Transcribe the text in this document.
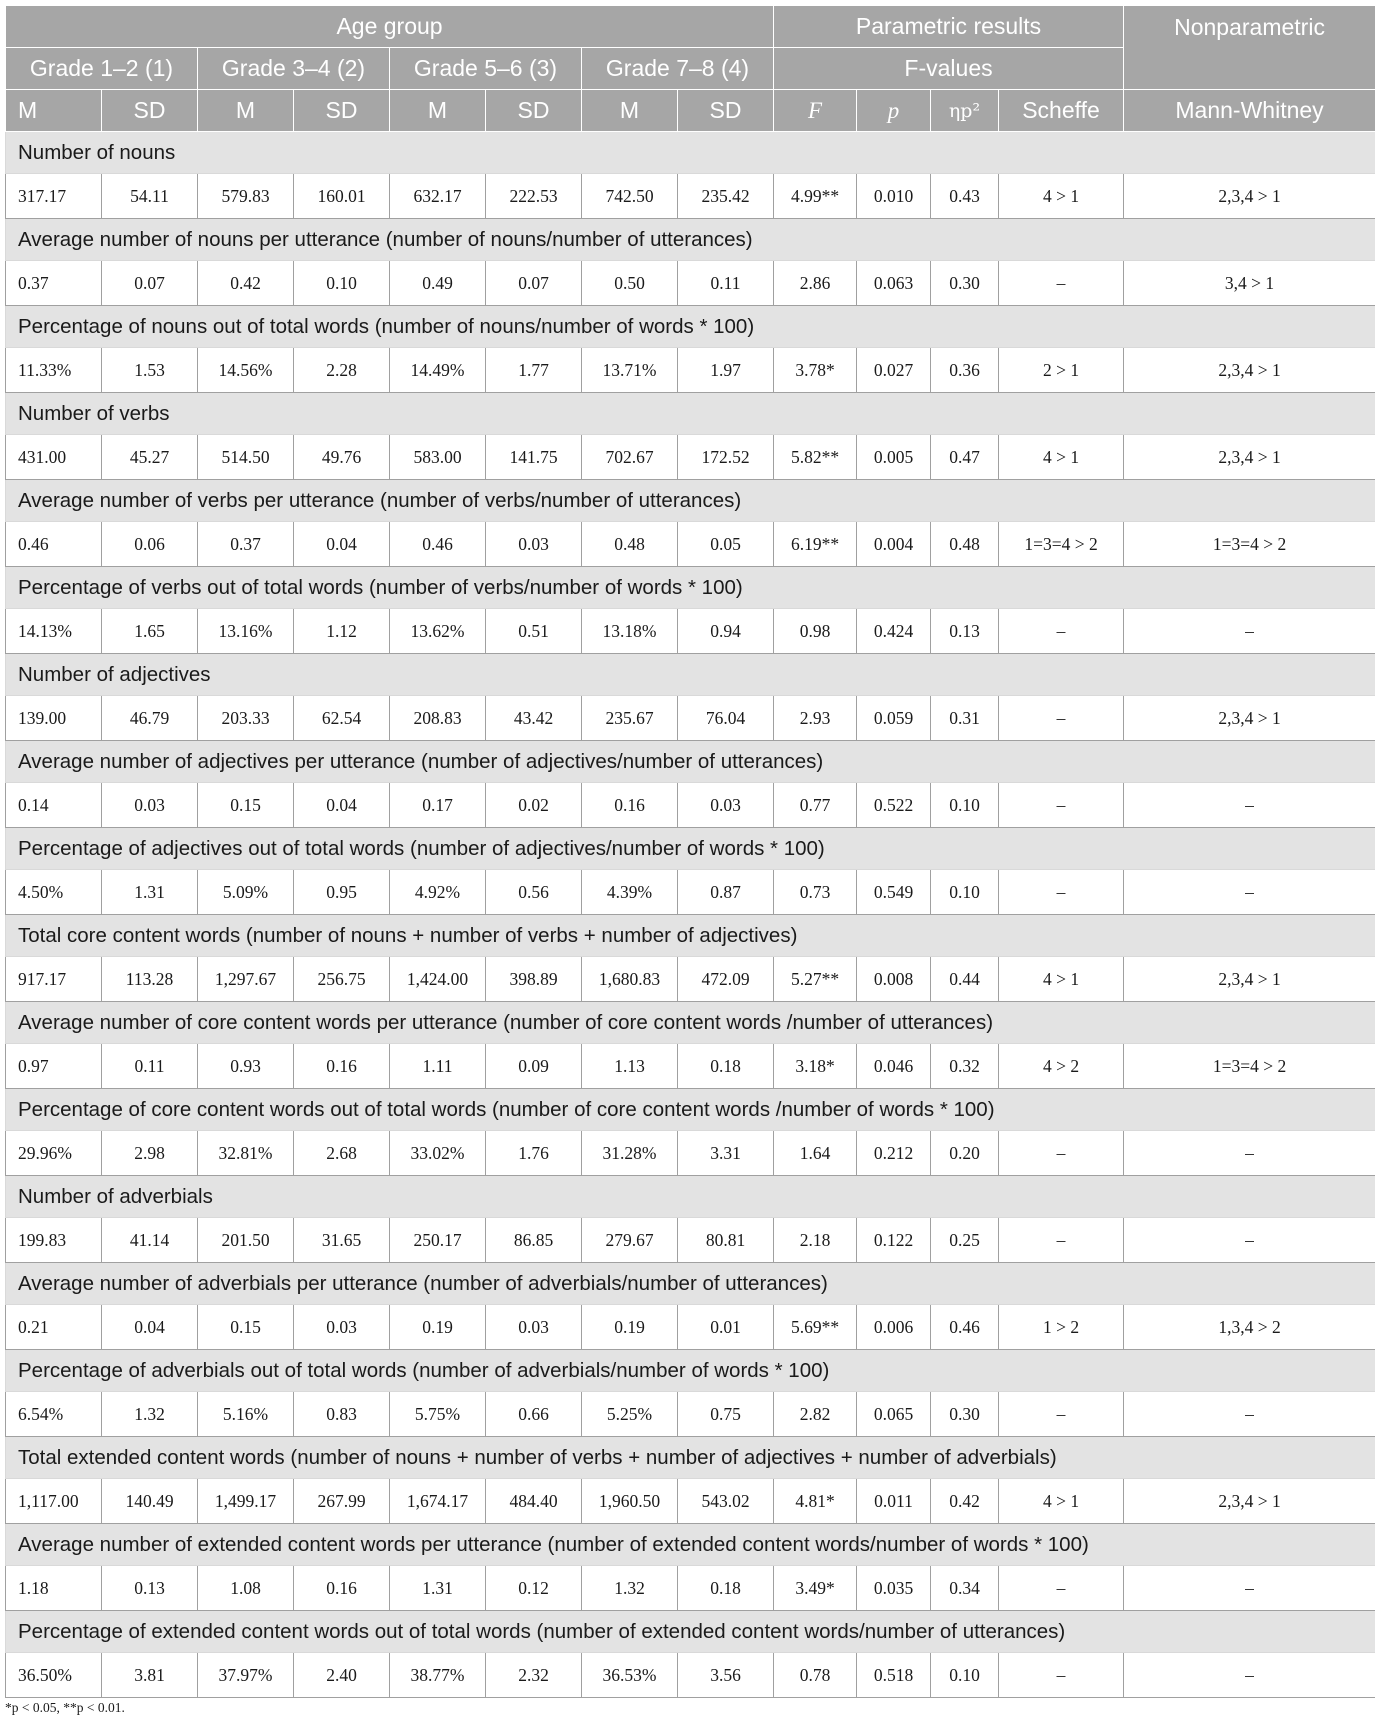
Age group								Parametric results				Nonparametric
Grade 1–2 (1)		Grade 3–4 (2)		Grade 5–6 (3)		Grade 7–8 (4)		F-values				
M	SD	M	SD	M	SD	M	SD	F	p	ηp²	Scheffe	Mann-Whitney
Number of nouns												
317.17	54.11	579.83	160.01	632.17	222.53	742.50	235.42	4.99**	0.010	0.43	4 > 1	2,3,4 > 1
Average number of nouns per utterance (number of nouns/number of utterances)												
0.37	0.07	0.42	0.10	0.49	0.07	0.50	0.11	2.86	0.063	0.30	–	3,4 > 1
Percentage of nouns out of total words (number of nouns/number of words * 100)												
11.33%	1.53	14.56%	2.28	14.49%	1.77	13.71%	1.97	3.78*	0.027	0.36	2 > 1	2,3,4 > 1
Number of verbs												
431.00	45.27	514.50	49.76	583.00	141.75	702.67	172.52	5.82**	0.005	0.47	4 > 1	2,3,4 > 1
Average number of verbs per utterance (number of verbs/number of utterances)												
0.46	0.06	0.37	0.04	0.46	0.03	0.48	0.05	6.19**	0.004	0.48	1=3=4 > 2	1=3=4 > 2
Percentage of verbs out of total words (number of verbs/number of words * 100)												
14.13%	1.65	13.16%	1.12	13.62%	0.51	13.18%	0.94	0.98	0.424	0.13	–	–
Number of adjectives												
139.00	46.79	203.33	62.54	208.83	43.42	235.67	76.04	2.93	0.059	0.31	–	2,3,4 > 1
Average number of adjectives per utterance (number of adjectives/number of utterances)												
0.14	0.03	0.15	0.04	0.17	0.02	0.16	0.03	0.77	0.522	0.10	–	–
Percentage of adjectives out of total words (number of adjectives/number of words * 100)												
4.50%	1.31	5.09%	0.95	4.92%	0.56	4.39%	0.87	0.73	0.549	0.10	–	–
Total core content words (number of nouns + number of verbs + number of adjectives)												
917.17	113.28	1,297.67	256.75	1,424.00	398.89	1,680.83	472.09	5.27**	0.008	0.44	4 > 1	2,3,4 > 1
Average number of core content words per utterance (number of core content words /number of utterances)												
0.97	0.11	0.93	0.16	1.11	0.09	1.13	0.18	3.18*	0.046	0.32	4 > 2	1=3=4 > 2
Percentage of core content words out of total words (number of core content words /number of words * 100)												
29.96%	2.98	32.81%	2.68	33.02%	1.76	31.28%	3.31	1.64	0.212	0.20	–	–
Number of adverbials												
199.83	41.14	201.50	31.65	250.17	86.85	279.67	80.81	2.18	0.122	0.25	–	–
Average number of adverbials per utterance (number of adverbials/number of utterances)												
0.21	0.04	0.15	0.03	0.19	0.03	0.19	0.01	5.69**	0.006	0.46	1 > 2	1,3,4 > 2
Percentage of adverbials out of total words (number of adverbials/number of words * 100)												
6.54%	1.32	5.16%	0.83	5.75%	0.66	5.25%	0.75	2.82	0.065	0.30	–	–
Total extended content words (number of nouns + number of verbs + number of adjectives + number of adverbials)												
1,117.00	140.49	1,499.17	267.99	1,674.17	484.40	1,960.50	543.02	4.81*	0.011	0.42	4 > 1	2,3,4 > 1
Average number of extended content words per utterance (number of extended content words/number of words * 100)												
1.18	0.13	1.08	0.16	1.31	0.12	1.32	0.18	3.49*	0.035	0.34	–	–
Percentage of extended content words out of total words (number of extended content words/number of utterances)												
36.50%	3.81	37.97%	2.40	38.77%	2.32	36.53%	3.56	0.78	0.518	0.10	–	–
*p < 0.05, **p < 0.01.
